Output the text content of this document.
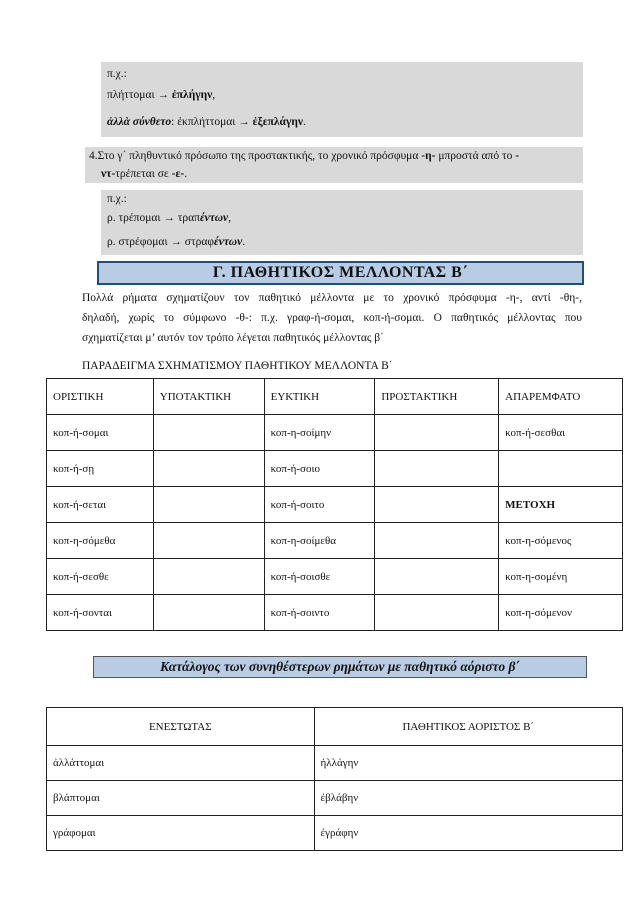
π.χ.:
πλήττομαι → ἐπλήγην,
ἀλλὰ σύνθετο: ἐκπλήττομαι → ἐξεπλάγην.
4.Στο γ΄ πληθυντικό πρόσωπο της προστακτικής, το χρονικό πρόσφυμα -η- μπροστά από το -
ντ-τρέπεται σε -ε-.
π.χ.:
ρ. τρέπομαι → τραπέντων,
ρ. στρέφομαι → στραφέντων.
Γ. ΠΑΘΗΤΙΚΟΣ ΜΕΛΛΟΝΤΑΣ Β΄
Πολλά ρήματα σχηματίζουν τον παθητικό μέλλοντα με το χρονικό πρόσφυμα -η-, αντί -θη-,
δηλαδή, χωρίς το σύμφωνο -θ-: π.χ. γραφ-ή-σομαι, κοπ-ή-σομαι. Ο παθητικός μέλλοντας που
σχηματίζεται μ’ αυτόν τον τρόπο λέγεται παθητικός μέλλοντας β΄
ΠΑΡΑΔΕΙΓΜΑ ΣΧΗΜΑΤΙΣΜΟΥ ΠΑΘΗΤΙΚΟΥ ΜΕΛΛΟΝΤΑ Β΄
ΟΡΙΣΤΙΚΗ	ΥΠΟΤΑΚΤΙΚΗ	ΕΥΚΤΙΚΗ	ΠΡΟΣΤΑΚΤΙΚΗ	ΑΠΑΡΕΜΦΑΤΟ
κοπ-ή-σομαι		κοπ-η-σοίμην		κοπ-ή-σεσθαι
κοπ-ή-σῃ		κοπ-ή-σοιο		
κοπ-ή-σεται		κοπ-ή-σοιτο		ΜΕΤΟΧΗ
κοπ-η-σόμεθα		κοπ-η-σοίμεθα		κοπ-η-σόμενος
κοπ-ή-σεσθε		κοπ-ή-σοισθε		κοπ-η-σομένη
κοπ-ή-σονται		κοπ-ή-σοιντο		κοπ-η-σόμενον
Κατάλογος των συνηθέστερων ρημάτων με παθητικό αόριστο β΄
ΕΝΕΣΤΩΤΑΣ	ΠΑΘΗΤΙΚΟΣ ΑΟΡΙΣΤΟΣ Β΄
ἀλλάττομαι	ἠλλάγην
βλάπτομαι	ἐβλάβην
γράφομαι	ἐγράφην
